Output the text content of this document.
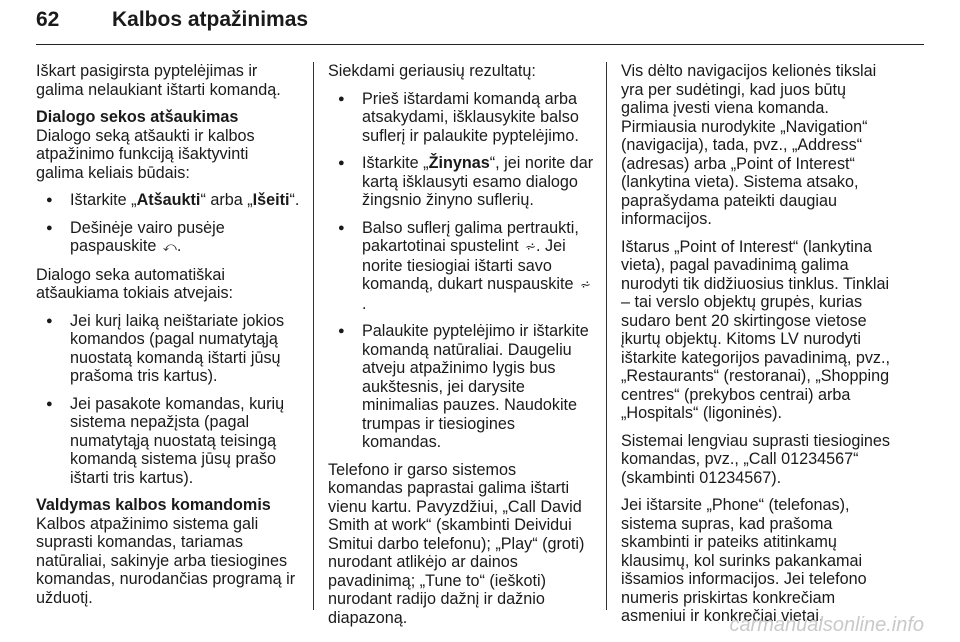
62	Kalbos atpažinimas

Iškart pasigirsta pyptelėjimas ir galima nelaukiant ištarti komandą.

Dialogo sekos atšaukimas

Dialogo seką atšaukti ir kalbos atpažinimo funkciją išaktyvinti galima keliais būdais:

● Ištarkite „Atšaukti“ arba „Išeiti“.
● Dešinėje vairo pusėje paspauskite ⤺.

Dialogo seka automatiškai atšaukiama tokiais atvejais:

● Jei kurį laiką neištariate jokios komandos (pagal numatytąją nuostatą komandą ištarti jūsų prašoma tris kartus).
● Jei pasakote komandas, kurių sistema nepažįsta (pagal numatytąją nuostatą teisingą komandą sistema jūsų prašo ištarti tris kartus).
Valdymas kalbos komandomis

Kalbos atpažinimo sistema gali suprasti komandas, tariamas natūraliai, sakinyje arba tiesiogines komandas, nurodančias programą ir užduotį.

Siekdami geriausių rezultatų:

● Prieš ištardami komandą arba atsakydami, išklausykite balso suflerį ir palaukite pyptelėjimo.
● Ištarkite „Žinynas“, jei norite dar kartą išklausyti esamo dialogo žingsnio žinyno suflerių.
● Balso suflerį galima pertraukti, pakartotinai spustelint ⩫. Jei norite tiesiogiai ištarti savo komandą, dukart nuspauskite ⩫.
● Palaukite pyptelėjimo ir ištarkite komandą natūraliai. Daugeliu atveju atpažinimo lygis bus aukštesnis, jei darysite minimalias pauzes. Naudokite trumpas ir tiesiogines komandas.

Telefono ir garso sistemos komandas paprastai galima ištarti vienu kartu. Pavyzdžiui, „Call David Smith at work“ (skambinti Deividui Smitui darbo telefonu); „Play“ (groti) nurodant atlikėjo ar dainos pavadinimą; „Tune to“ (ieškoti) nurodant radijo dažnį ir dažnio diapazoną.

Vis dėlto navigacijos kelionės tikslai yra per sudėtingi, kad juos būtų galima įvesti viena komanda. Pirmiausia nurodykite „Navigation“ (navigacija), tada, pvz., „Address“ (adresas) arba „Point of Interest“ (lankytina vieta). Sistema atsako, paprašydama pateikti daugiau informacijos.

Ištarus „Point of Interest“ (lankytina vieta), pagal pavadinimą galima nurodyti tik didžiuosius tinklus. Tinklai – tai verslo objektų grupės, kurias sudaro bent 20 skirtingose vietose įkurtų objektų. Kitoms LV nurodyti ištarkite kategorijos pavadinimą, pvz., „Restaurants“ (restoranai), „Shopping centres“ (prekybos centrai) arba „Hospitals“ (ligoninės).

Sistemai lengviau suprasti tiesiogines komandas, pvz., „Call 01234567“ (skambinti 01234567).

Jei ištarsite „Phone“ (telefonas), sistema supras, kad prašoma skambinti ir pateiks atitinkamų klausimų, kol surinks pakankamai išsamios informacijos. Jei telefono numeris priskirtas konkrečiam asmeniui ir konkrečiai vietai,

carmanualsonline.info
